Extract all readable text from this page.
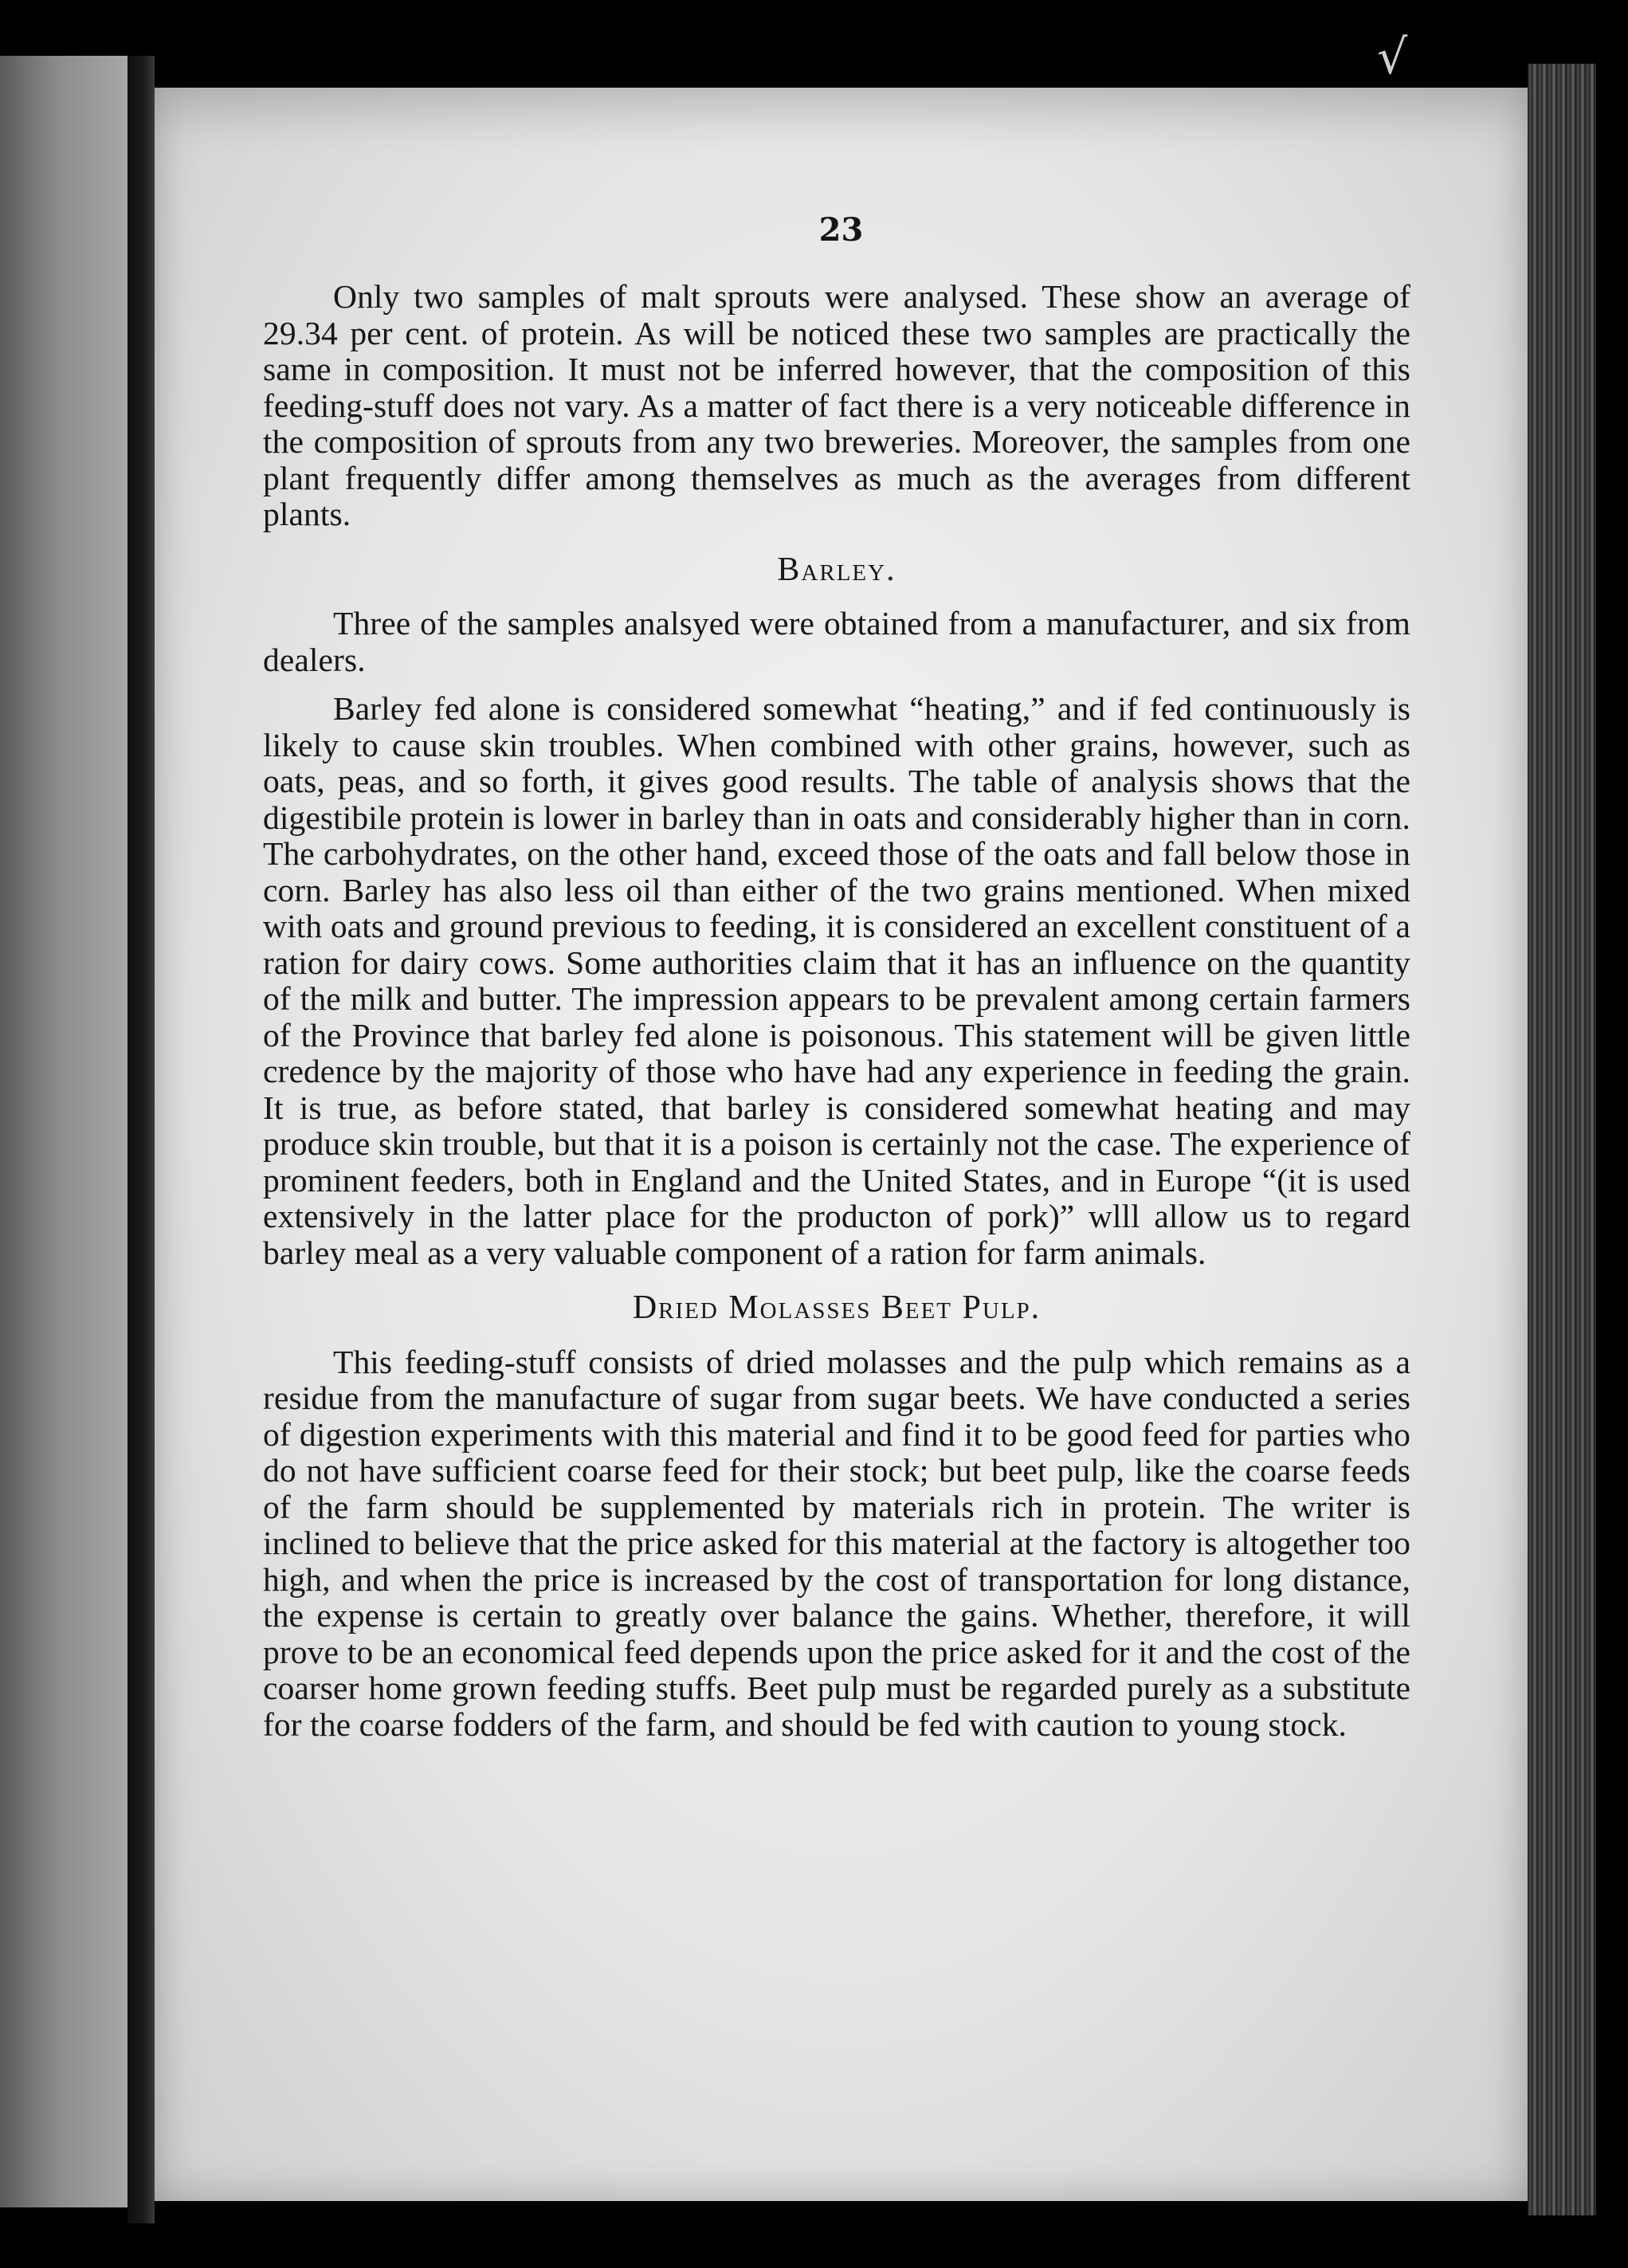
√
23

Only two samples of malt sprouts were analysed. These show an average of 29.34 per cent. of protein. As will be noticed these two samples are practically the same in composition. It must not be inferred however, that the composition of this feeding-stuff does not vary. As a matter of fact there is a very noticeable difference in the composition of sprouts from any two breweries. Moreover, the samples from one plant frequently differ among themselves as much as the averages from different plants.

Barley.

Three of the samples analsyed were obtained from a manufacturer, and six from dealers.

Barley fed alone is considered somewhat “heating,” and if fed continuously is likely to cause skin troubles. When combined with other grains, however, such as oats, peas, and so forth, it gives good results. The table of analysis shows that the digestibile protein is lower in barley than in oats and considerably higher than in corn. The carbohydrates, on the other hand, exceed those of the oats and fall below those in corn. Barley has also less oil than either of the two grains mentioned. When mixed with oats and ground previous to feeding, it is considered an excellent constituent of a ration for dairy cows. Some authorities claim that it has an influence on the quantity of the milk and butter. The impression appears to be prevalent among certain farmers of the Province that barley fed alone is poisonous. This statement will be given little credence by the majority of those who have had any experience in feeding the grain. It is true, as before stated, that barley is considered somewhat heating and may produce skin trouble, but that it is a poison is certainly not the case. The experience of prominent feeders, both in England and the United States, and in Europe “(it is used extensively in the latter place for the producton of pork)” wlll allow us to regard barley meal as a very valuable component of a ration for farm animals.

Dried Molasses Beet Pulp.

This feeding-stuff consists of dried molasses and the pulp which remains as a residue from the manufacture of sugar from sugar beets. We have conducted a series of digestion experiments with this material and find it to be good feed for parties who do not have sufficient coarse feed for their stock; but beet pulp, like the coarse feeds of the farm should be supplemented by materials rich in protein. The writer is inclined to believe that the price asked for this material at the factory is altogether too high, and when the price is increased by the cost of transportation for long distance, the expense is certain to greatly over balance the gains. Whether, therefore, it will prove to be an economical feed depends upon the price asked for it and the cost of the coarser home grown feeding stuffs. Beet pulp must be regarded purely as a substitute for the coarse fodders of the farm, and should be fed with caution to young stock.
